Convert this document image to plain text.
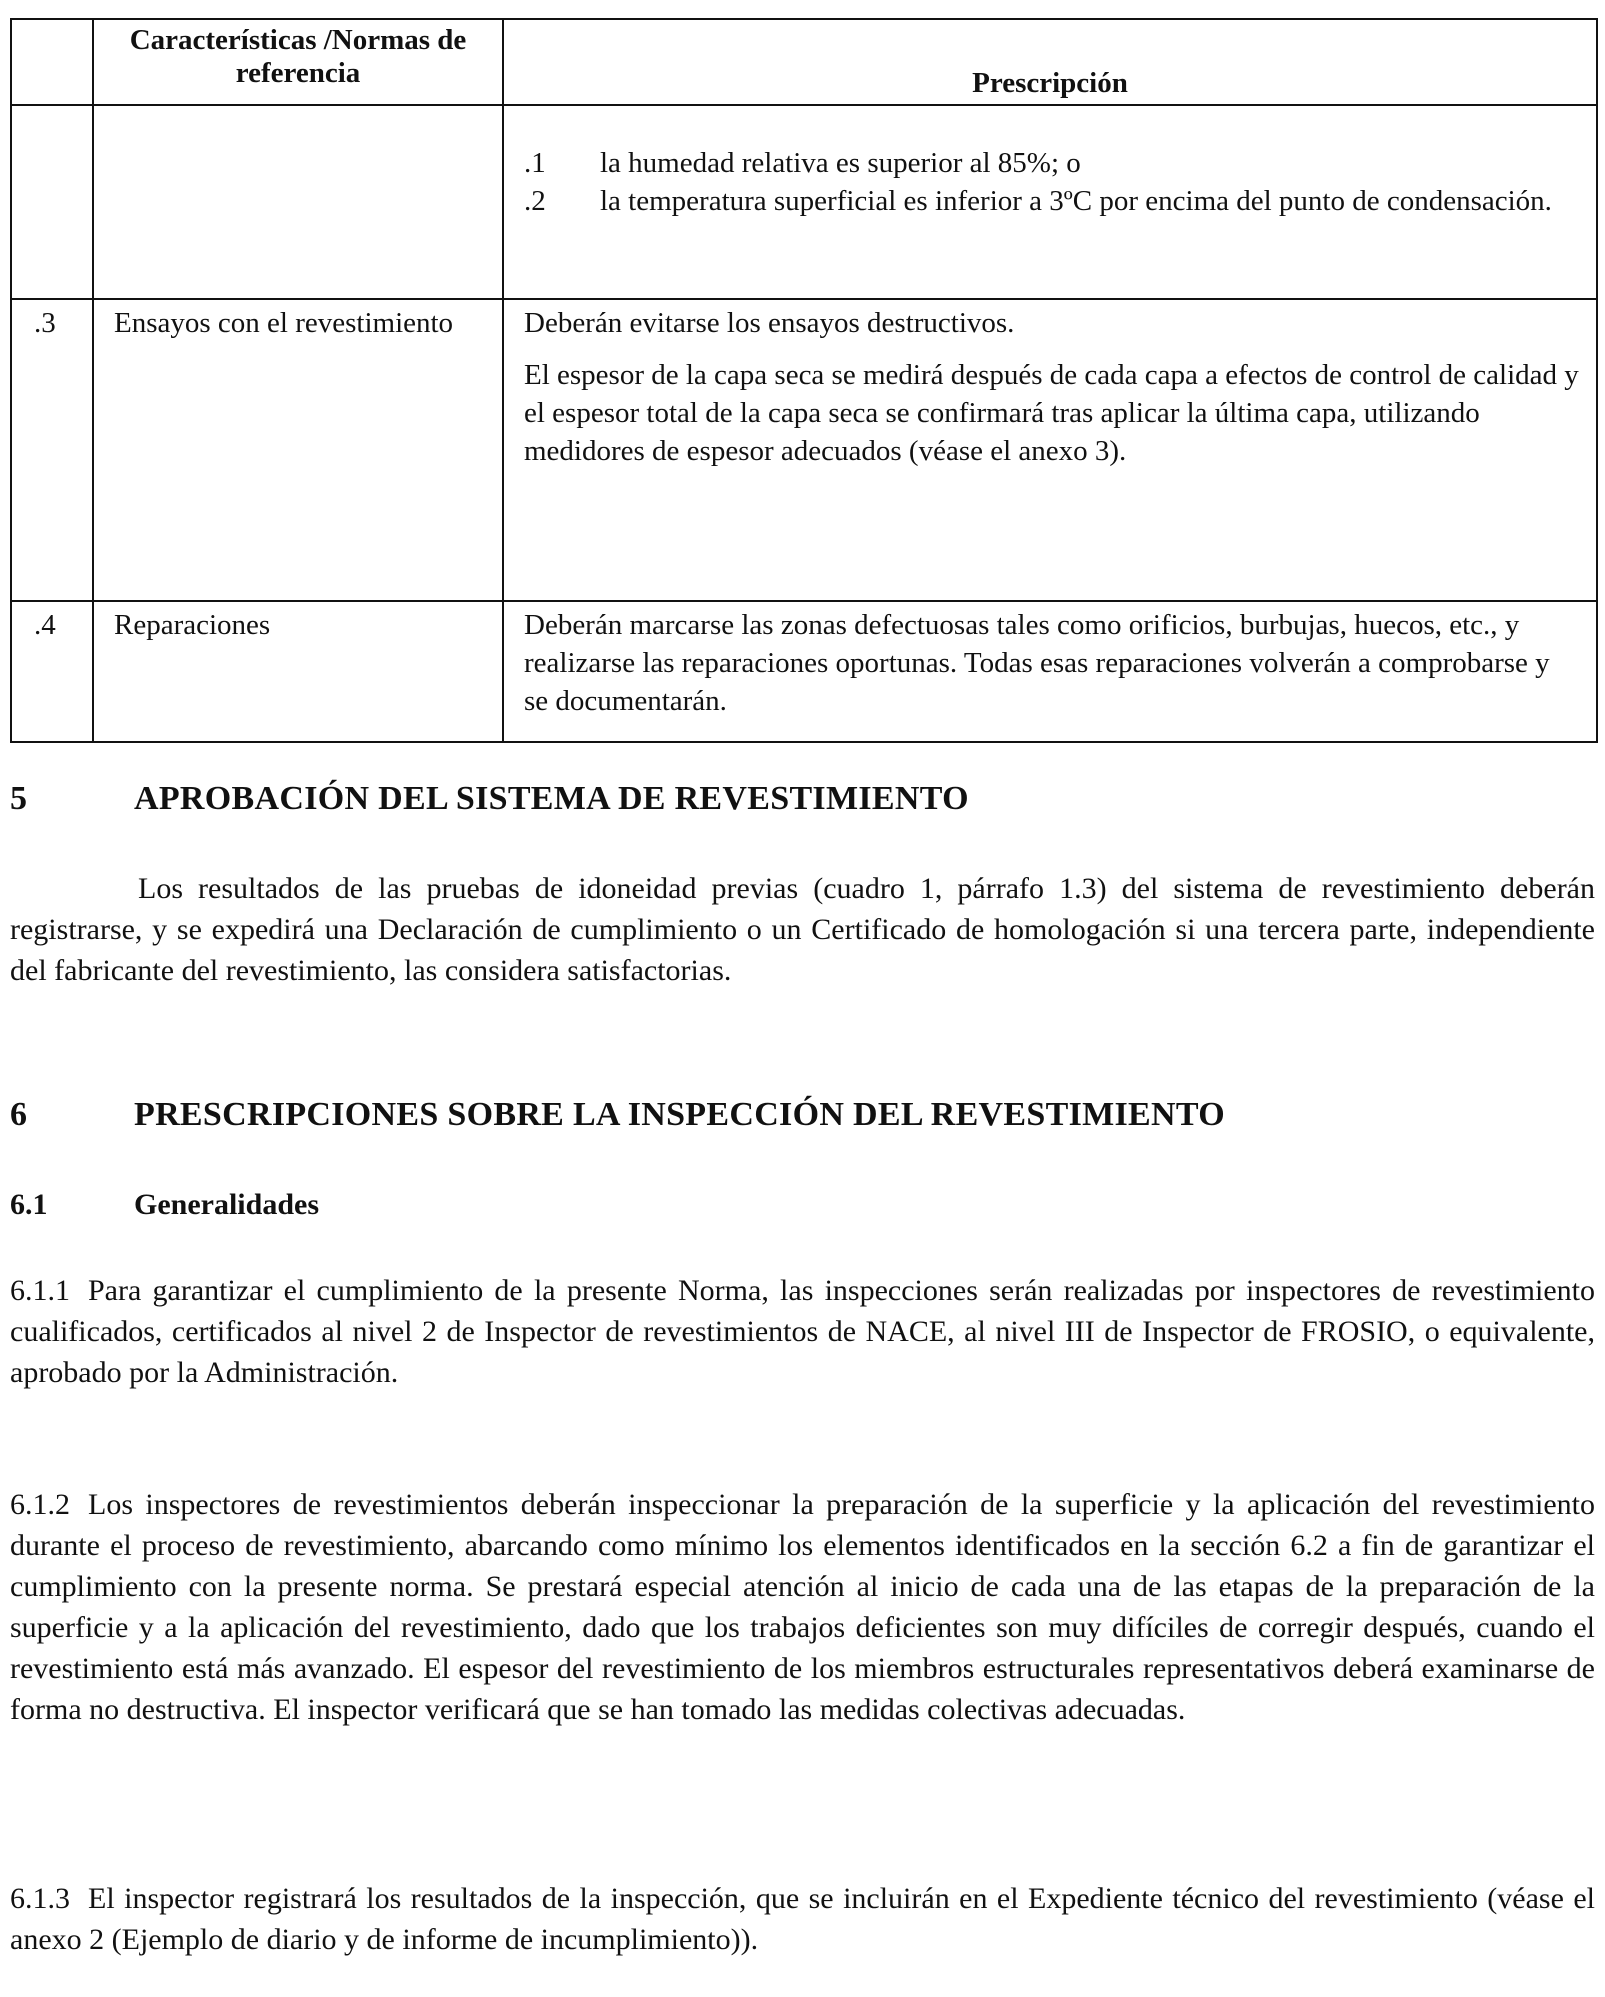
	Características /Normas de referencia	Prescripción

		.1 la humedad relativa es superior al 85%; o
.2 la temperatura superficial es inferior a 3ºC por encima del punto de condensación.

.3	Ensayos con el revestimiento	Deberán evitarse los ensayos destructivos.
El espesor de la capa seca se medirá después de cada capa a efectos de control de calidad y el espesor total de la capa seca se confirmará tras aplicar la última capa, utilizando medidores de espesor adecuados (véase el anexo 3).

.4	Reparaciones	Deberán marcarse las zonas defectuosas tales como orificios, burbujas, huecos, etc., y realizarse las reparaciones oportunas. Todas esas reparaciones volverán a comprobarse y se documentarán.
5	APROBACIÓN DEL SISTEMA DE REVESTIMIENTO
Los resultados de las pruebas de idoneidad previas (cuadro 1, párrafo 1.3) del sistema de revestimiento deberán registrarse, y se expedirá una Declaración de cumplimiento o un Certificado de homologación si una tercera parte, independiente del fabricante del revestimiento, las considera satisfactorias.
6	PRESCRIPCIONES SOBRE LA INSPECCIÓN DEL REVESTIMIENTO
6.1	Generalidades
6.1.1 Para garantizar el cumplimiento de la presente Norma, las inspecciones serán realizadas por inspectores de revestimiento cualificados, certificados al nivel 2 de Inspector de revestimientos de NACE, al nivel III de Inspector de FROSIO, o equivalente, aprobado por la Administración.
6.1.2 Los inspectores de revestimientos deberán inspeccionar la preparación de la superficie y la aplicación del revestimiento durante el proceso de revestimiento, abarcando como mínimo los elementos identificados en la sección 6.2 a fin de garantizar el cumplimiento con la presente norma. Se prestará especial atención al inicio de cada una de las etapas de la preparación de la superficie y a la aplicación del revestimiento, dado que los trabajos deficientes son muy difíciles de corregir después, cuando el revestimiento está más avanzado. El espesor del revestimiento de los miembros estructurales representativos deberá examinarse de forma no destructiva. El inspector verificará que se han tomado las medidas colectivas adecuadas.
6.1.3 El inspector registrará los resultados de la inspección, que se incluirán en el Expediente técnico del revestimiento (véase el anexo 2 (Ejemplo de diario y de informe de incumplimiento)).
